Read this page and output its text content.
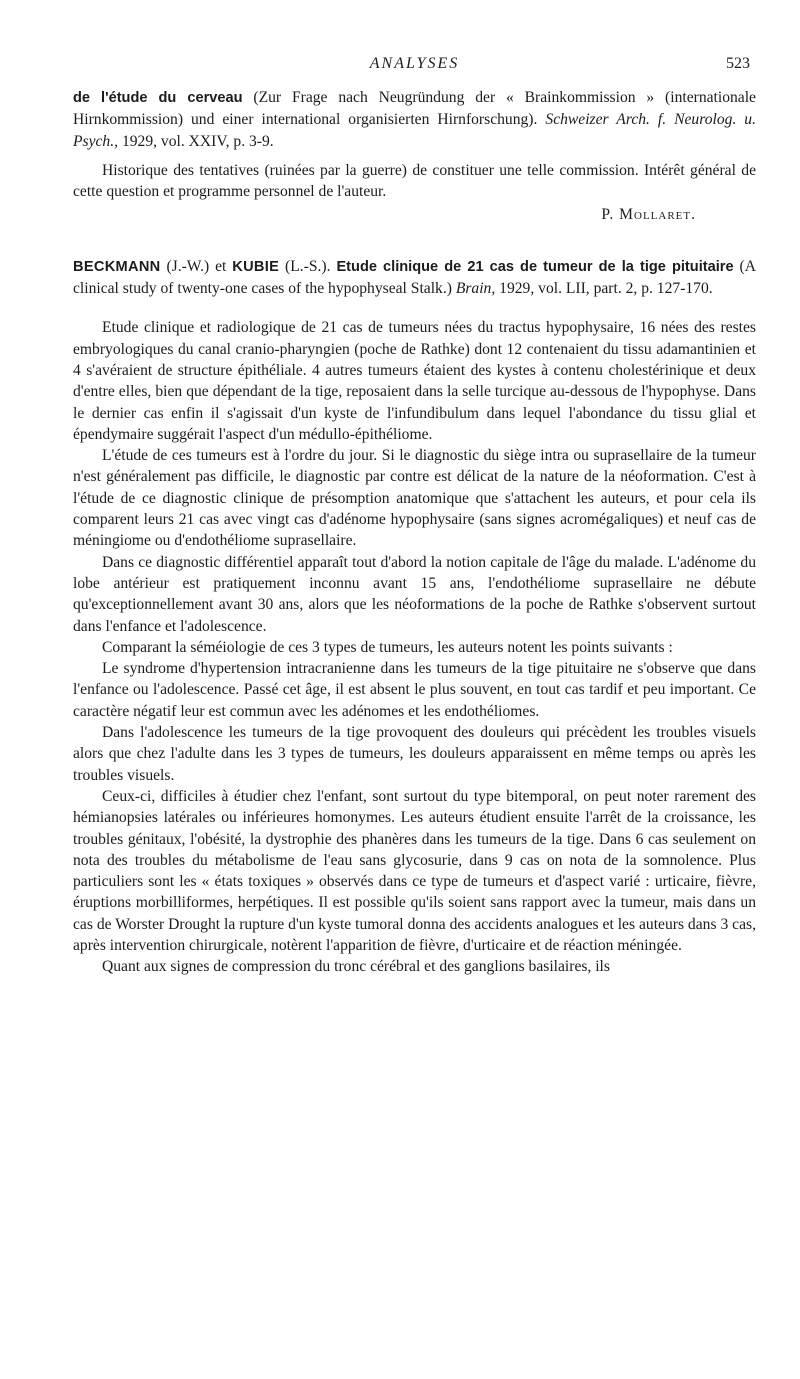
ANALYSES	523

de l'étude du cerveau (Zur Frage nach Neugründung der « Brainkommission » (internationale Hirnkommission) und einer international organisierten Hirnforschung). Schweizer Arch. f. Neurolog. u. Psych., 1929, vol. XXIV, p. 3-9.

Historique des tentatives (ruinées par la guerre) de constituer une telle commission. Intérêt général de cette question et programme personnel de l'auteur.

P. Mollaret.

BECKMANN (J.-W.) et KUBIE (L.-S.). Etude clinique de 21 cas de tumeur de la tige pituitaire (A clinical study of twenty-one cases of the hypophyseal Stalk.) Brain, 1929, vol. LII, part. 2, p. 127-170.

Etude clinique et radiologique de 21 cas de tumeurs nées du tractus hypophysaire, 16 nées des restes embryologiques du canal cranio-pharyngien (poche de Rathke) dont 12 contenaient du tissu adamantinien et 4 s'avéraient de structure épithéliale. 4 autres tumeurs étaient des kystes à contenu cholestérinique et deux d'entre elles, bien que dépendant de la tige, reposaient dans la selle turcique au-dessous de l'hypophyse. Dans le dernier cas enfin il s'agissait d'un kyste de l'infundibulum dans lequel l'abondance du tissu glial et épendymaire suggérait l'aspect d'un médullo-épithéliome.

L'étude de ces tumeurs est à l'ordre du jour. Si le diagnostic du siège intra ou suprasellaire de la tumeur n'est généralement pas difficile, le diagnostic par contre est délicat de la nature de la néoformation. C'est à l'étude de ce diagnostic clinique de présomption anatomique que s'attachent les auteurs, et pour cela ils comparent leurs 21 cas avec vingt cas d'adénome hypophysaire (sans signes acromégaliques) et neuf cas de méningiome ou d'endothéliome suprasellaire.

Dans ce diagnostic différentiel apparaît tout d'abord la notion capitale de l'âge du malade. L'adénome du lobe antérieur est pratiquement inconnu avant 15 ans, l'endothéliome suprasellaire ne débute qu'exceptionnellement avant 30 ans, alors que les néoformations de la poche de Rathke s'observent surtout dans l'enfance et l'adolescence.

Comparant la séméiologie de ces 3 types de tumeurs, les auteurs notent les points suivants :

Le syndrome d'hypertension intracranienne dans les tumeurs de la tige pituitaire ne s'observe que dans l'enfance ou l'adolescence. Passé cet âge, il est absent le plus souvent, en tout cas tardif et peu important. Ce caractère négatif leur est commun avec les adénomes et les endothéliomes.

Dans l'adolescence les tumeurs de la tige provoquent des douleurs qui précèdent les troubles visuels alors que chez l'adulte dans les 3 types de tumeurs, les douleurs apparaissent en même temps ou après les troubles visuels.

Ceux-ci, difficiles à étudier chez l'enfant, sont surtout du type bitemporal, on peut noter rarement des hémianopsies latérales ou inférieures homonymes. Les auteurs étudient ensuite l'arrêt de la croissance, les troubles génitaux, l'obésité, la dystrophie des phanères dans les tumeurs de la tige. Dans 6 cas seulement on nota des troubles du métabolisme de l'eau sans glycosurie, dans 9 cas on nota de la somnolence. Plus particuliers sont les « états toxiques » observés dans ce type de tumeurs et d'aspect varié : urticaire, fièvre, éruptions morbilliformes, herpétiques. Il est possible qu'ils soient sans rapport avec la tumeur, mais dans un cas de Worster Drought la rupture d'un kyste tumoral donna des accidents analogues et les auteurs dans 3 cas, après intervention chirurgicale, notèrent l'apparition de fièvre, d'urticaire et de réaction méningée.

Quant aux signes de compression du tronc cérébral et des ganglions basilaires, ils
